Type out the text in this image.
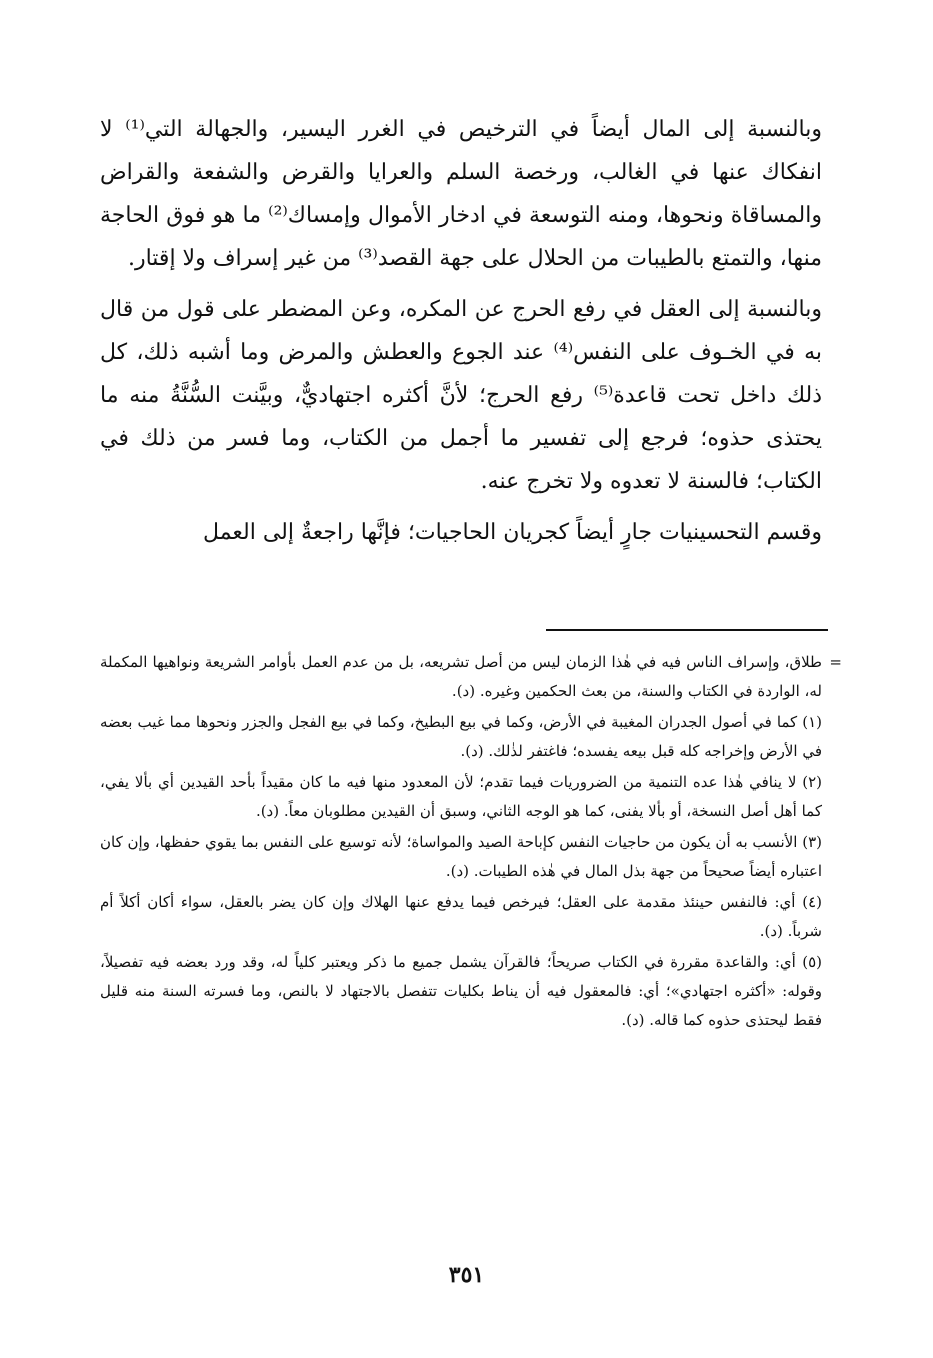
وبالنسبة إلى المال أيضاً في الترخيص في الغرر اليسير، والجهالة التي⁽¹⁾ لا انفكاك عنها في الغالب، ورخصة السلم والعرايا والقرض والشفعة والقراض والمساقاة ونحوها، ومنه التوسعة في ادخار الأموال وإمساك⁽²⁾ ما هو فوق الحاجة منها، والتمتع بالطيبات من الحلال على جهة القصد⁽³⁾ من غير إسراف ولا إقتار.

وبالنسبة إلى العقل في رفع الحرج عن المكره، وعن المضطر على قول من قال به في الخـوف على النفس⁽⁴⁾ عند الجوع والعطش والمرض وما أشبه ذلك، كل ذلك داخل تحت قاعدة⁽⁵⁾ رفع الحرج؛ لأنَّ أكثره اجتهاديٌّ، وبيَّنت السُّنَّةُ منه ما يحتذى حذوه؛ فرجع إلى تفسير ما أجمل من الكتاب، وما فسر من ذلك في الكتاب؛ فالسنة لا تعدوه ولا تخرج عنه.

وقسم التحسينيات جارٍ أيضاً كجريان الحاجيات؛ فإنَّها راجعةٌ إلى العمل

=
طلاق، وإسراف الناس فيه في هٰذا الزمان ليس من أصل تشريعه، بل من عدم العمل بأوامر الشريعة ونواهيها المكملة له، الواردة في الكتاب والسنة، من بعث الحكمين وغيره. (د).

(١) كما في أصول الجدران المغيبة في الأرض، وكما في بيع البطيخ، وكما في بيع الفجل والجزر ونحوها مما غيب بعضه في الأرض وإخراجه كله قبل بيعه يفسده؛ فاغتفر لذٰلك. (د).

(٢) لا ينافي هٰذا عده التنمية من الضروريات فيما تقدم؛ لأن المعدود منها فيه ما كان مقيداً بأحد القيدين أي بألا يفي، كما أهل أصل النسخة، أو بألا يفنى، كما هو الوجه الثاني، وسبق أن القيدين مطلوبان معاً. (د).

(٣) الأنسب به أن يكون من حاجيات النفس كإباحة الصيد والمواساة؛ لأنه توسيع على النفس بما يقوي حفظها، وإن كان اعتباره أيضاً صحيحاً من جهة بذل المال في هٰذه الطيبات. (د).

(٤) أي: فالنفس حينئذ مقدمة على العقل؛ فيرخص فيما يدفع عنها الهلاك وإن كان يضر بالعقل، سواء أكان أكلاً أم شرباً. (د).

(٥) أي: والقاعدة مقررة في الكتاب صريحاً؛ فالقرآن يشمل جميع ما ذكر ويعتبر كلياً له، وقد ورد بعضه فيه تفصيلاً، وقوله: «أكثره اجتهادي»؛ أي: فالمعقول فيه أن يناط بكليات تتفصل بالاجتهاد لا بالنص، وما فسرته السنة منه قليل فقط ليحتذى حذوه كما قاله. (د).

٣٥١
